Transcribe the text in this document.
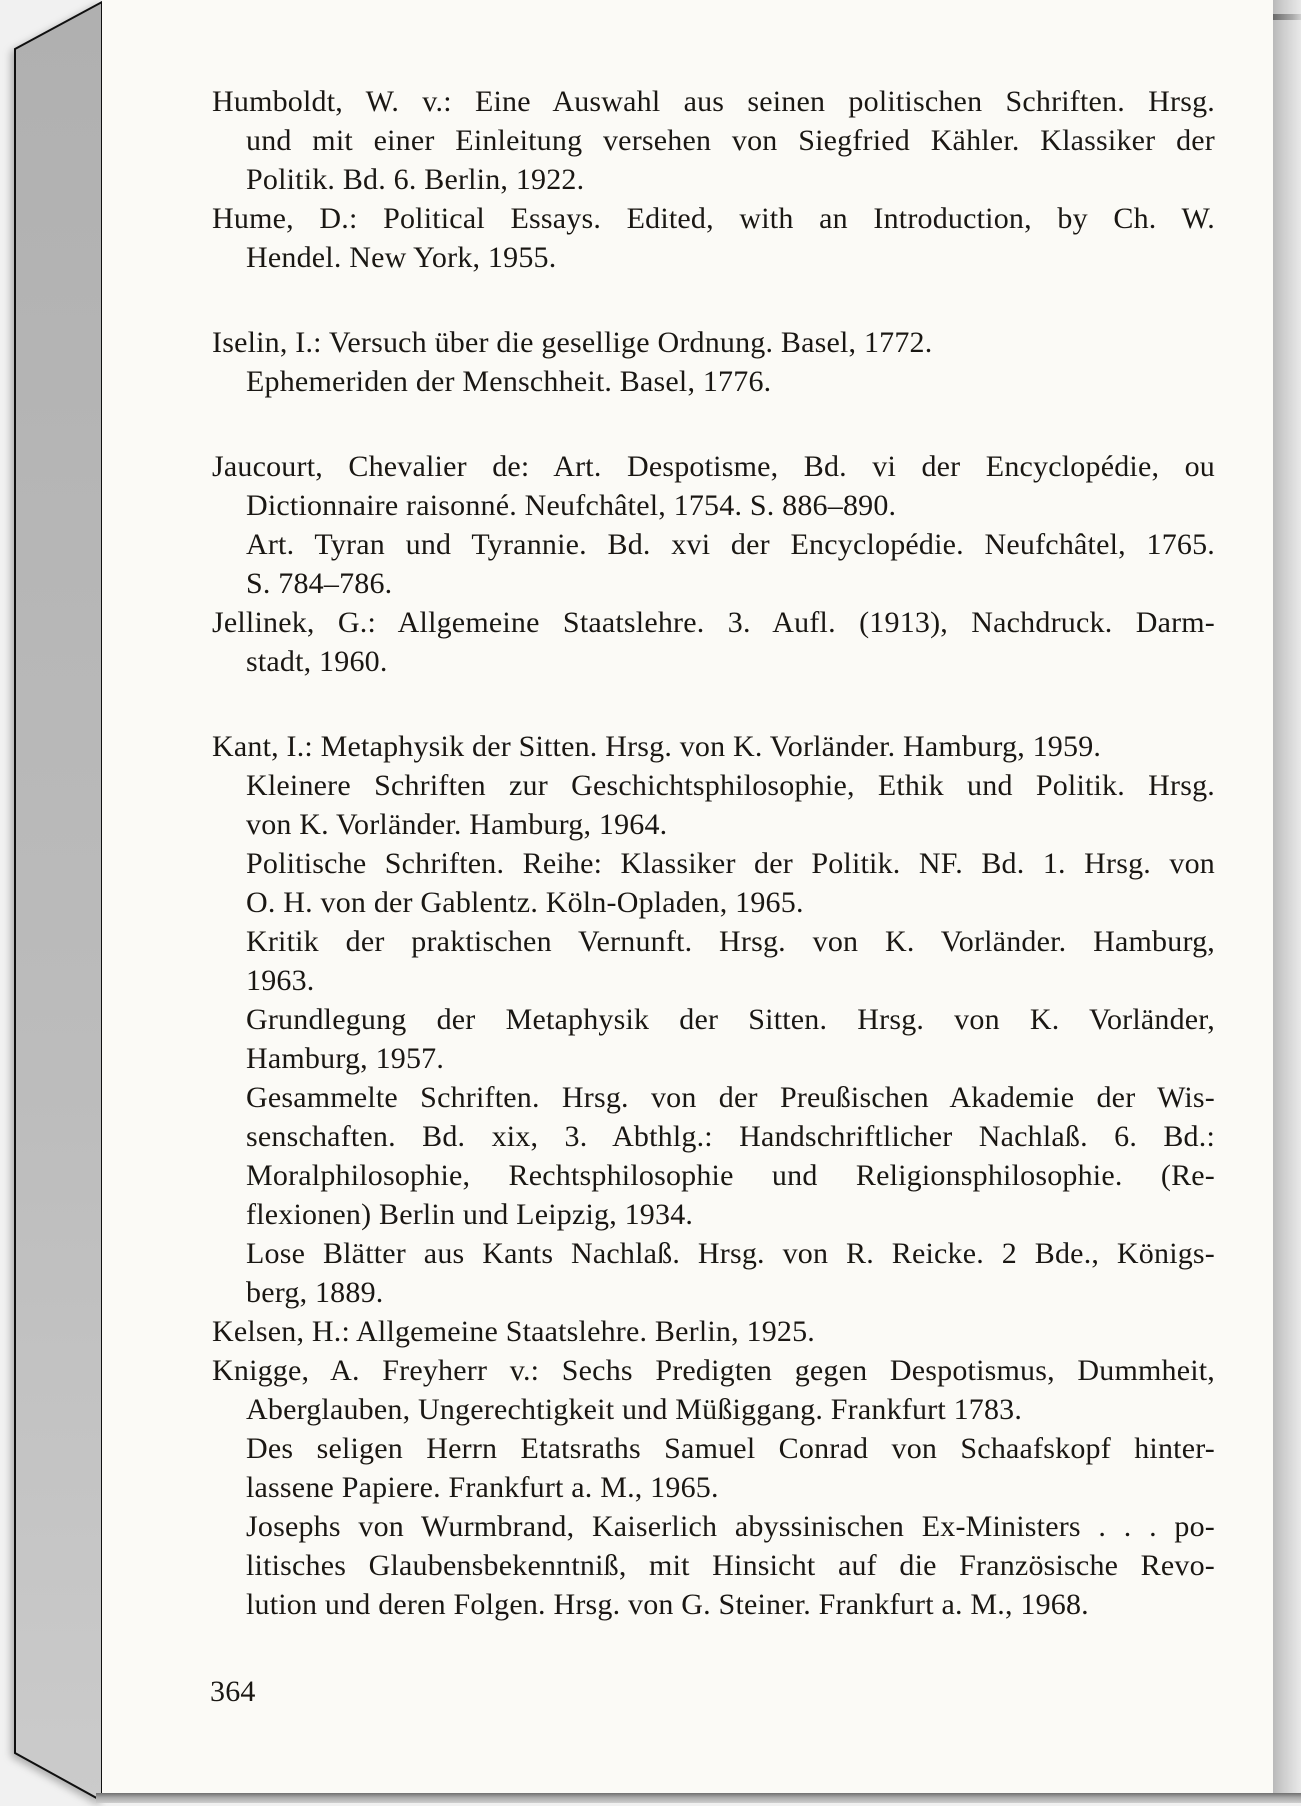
Humboldt, W. v.: Eine Auswahl aus seinen politischen Schriften. Hrsg.
und mit einer Einleitung versehen von Siegfried Kähler. Klassiker der
Politik. Bd. 6. Berlin, 1922.
Hume, D.: Political Essays. Edited, with an Introduction, by Ch. W.
Hendel. New York, 1955.
Iselin, I.: Versuch über die gesellige Ordnung. Basel, 1772.
Ephemeriden der Menschheit. Basel, 1776.
Jaucourt, Chevalier de: Art. Despotisme, Bd. vi der Encyclopédie, ou
Dictionnaire raisonné. Neufchâtel, 1754. S. 886–890.
Art. Tyran und Tyrannie. Bd. xvi der Encyclopédie. Neufchâtel, 1765.
S. 784–786.
Jellinek, G.: Allgemeine Staatslehre. 3. Aufl. (1913), Nachdruck. Darm-
stadt, 1960.
Kant, I.: Metaphysik der Sitten. Hrsg. von K. Vorländer. Hamburg, 1959.
Kleinere Schriften zur Geschichtsphilosophie, Ethik und Politik. Hrsg.
von K. Vorländer. Hamburg, 1964.
Politische Schriften. Reihe: Klassiker der Politik. NF. Bd. 1. Hrsg. von
O. H. von der Gablentz. Köln-Opladen, 1965.
Kritik der praktischen Vernunft. Hrsg. von K. Vorländer. Hamburg,
1963.
Grundlegung der Metaphysik der Sitten. Hrsg. von K. Vorländer,
Hamburg, 1957.
Gesammelte Schriften. Hrsg. von der Preußischen Akademie der Wis-
senschaften. Bd. xix, 3. Abthlg.: Handschriftlicher Nachlaß. 6. Bd.:
Moralphilosophie, Rechtsphilosophie und Religionsphilosophie. (Re-
flexionen) Berlin und Leipzig, 1934.
Lose Blätter aus Kants Nachlaß. Hrsg. von R. Reicke. 2 Bde., Königs-
berg, 1889.
Kelsen, H.: Allgemeine Staatslehre. Berlin, 1925.
Knigge, A. Freyherr v.: Sechs Predigten gegen Despotismus, Dummheit,
Aberglauben, Ungerechtigkeit und Müßiggang. Frankfurt 1783.
Des seligen Herrn Etatsraths Samuel Conrad von Schaafskopf hinter-
lassene Papiere. Frankfurt a. M., 1965.
Josephs von Wurmbrand, Kaiserlich abyssinischen Ex-Ministers . . . po-
litisches Glaubensbekenntniß, mit Hinsicht auf die Französische Revo-
lution und deren Folgen. Hrsg. von G. Steiner. Frankfurt a. M., 1968.
364
